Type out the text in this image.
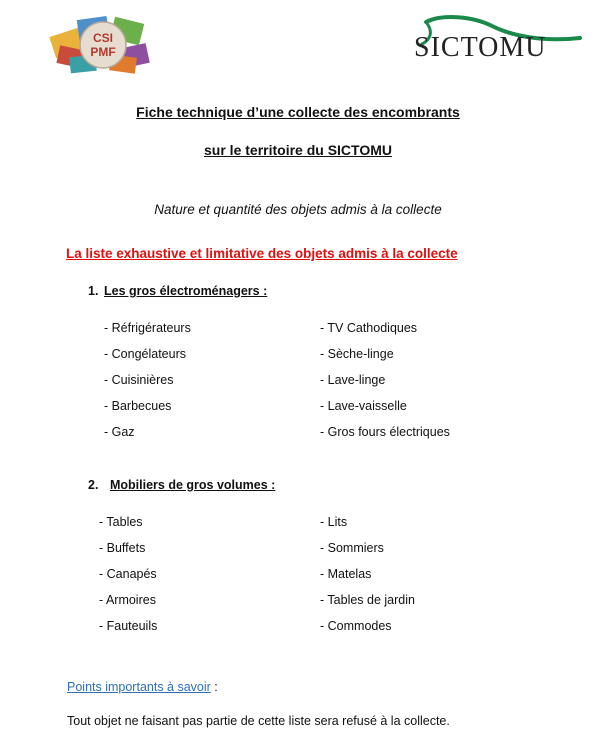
CSI
PMF	SICTOMU
Fiche technique d’une collecte des encombrants
sur le territoire du SICTOMU
Nature et quantité des objets admis à la collecte
La liste exhaustive et limitative des objets admis à la collecte
1. Les gros électroménagers :
- Réfrigérateurs
- Congélateurs
- Cuisinières
- Barbecues
- Gaz
- TV Cathodiques
- Sèche-linge
- Lave-linge
- Lave-vaisselle
- Gros fours électriques
2. Mobiliers de gros volumes :
- Tables
- Buffets
- Canapés
- Armoires
- Fauteuils
- Lits
- Sommiers
- Matelas
- Tables de jardin
- Commodes
Points importants à savoir :
Tout objet ne faisant pas partie de cette liste sera refusé à la collecte.
